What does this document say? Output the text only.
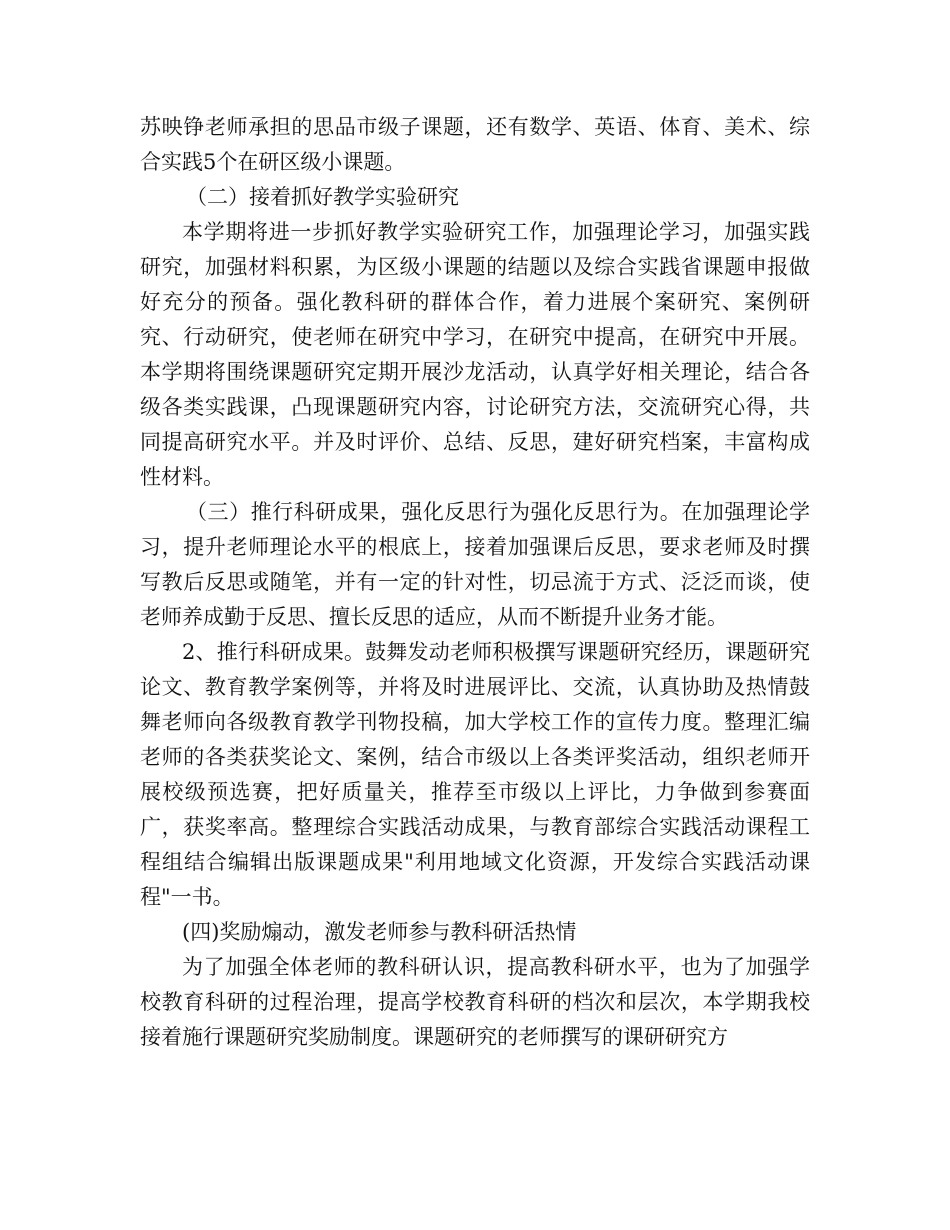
苏映铮老师承担的思品市级子课题，还有数学、英语、体育、美术、综合实践5个在研区级小课题。

（二）接着抓好教学实验研究

本学期将进一步抓好教学实验研究工作，加强理论学习，加强实践研究，加强材料积累，为区级小课题的结题以及综合实践省课题申报做好充分的预备。强化教科研的群体合作，着力进展个案研究、案例研究、行动研究，使老师在研究中学习，在研究中提高，在研究中开展。本学期将围绕课题研究定期开展沙龙活动，认真学好相关理论，结合各级各类实践课，凸现课题研究内容，讨论研究方法，交流研究心得，共同提高研究水平。并及时评价、总结、反思，建好研究档案，丰富构成性材料。

（三）推行科研成果，强化反思行为强化反思行为。在加强理论学习，提升老师理论水平的根底上，接着加强课后反思，要求老师及时撰写教后反思或随笔，并有一定的针对性，切忌流于方式、泛泛而谈，使老师养成勤于反思、擅长反思的适应，从而不断提升业务才能。

2、推行科研成果。鼓舞发动老师积极撰写课题研究经历，课题研究论文、教育教学案例等，并将及时进展评比、交流，认真协助及热情鼓舞老师向各级教育教学刊物投稿，加大学校工作的宣传力度。整理汇编老师的各类获奖论文、案例，结合市级以上各类评奖活动，组织老师开展校级预选赛，把好质量关，推荐至市级以上评比，力争做到参赛面广，获奖率高。整理综合实践活动成果，与教育部综合实践活动课程工程组结合编辑出版课题成果"利用地域文化资源，开发综合实践活动课程"一书。

(四)奖励煽动，激发老师参与教科研活热情

为了加强全体老师的教科研认识，提高教科研水平，也为了加强学校教育科研的过程治理，提高学校教育科研的档次和层次，本学期我校接着施行课题研究奖励制度。课题研究的老师撰写的课研研究方
